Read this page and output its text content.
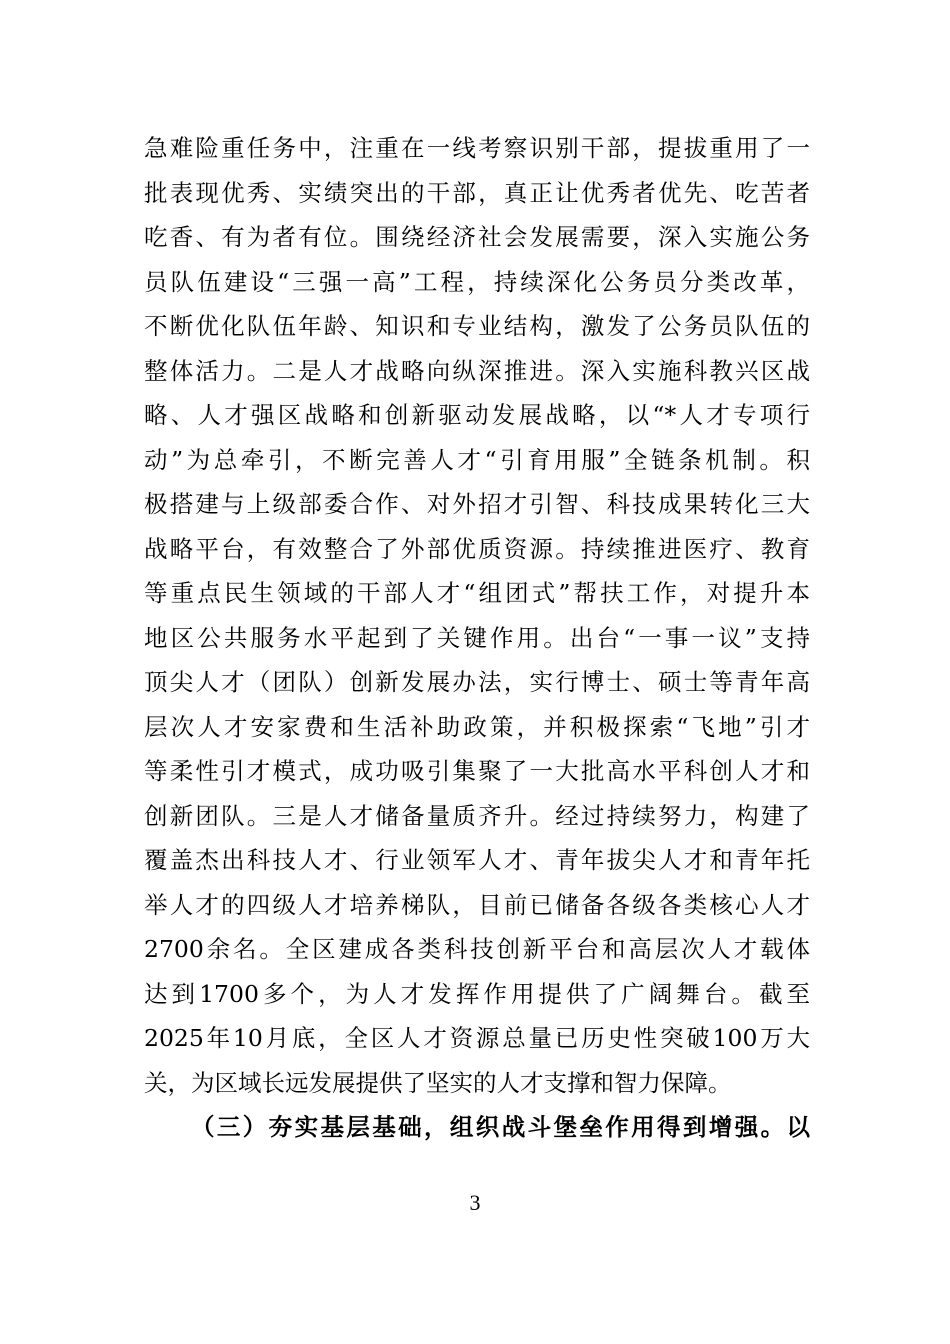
急难险重任务中，注重在一线考察识别干部，提拔重用了一
批表现优秀、实绩突出的干部，真正让优秀者优先、吃苦者
吃香、有为者有位。围绕经济社会发展需要，深入实施公务
员队伍建设“三强一高”工程，持续深化公务员分类改革，
不断优化队伍年龄、知识和专业结构，激发了公务员队伍的
整体活力。二是人才战略向纵深推进。深入实施科教兴区战
略、人才强区战略和创新驱动发展战略，以“*人才专项行
动”为总牵引，不断完善人才“引育用服”全链条机制。积
极搭建与上级部委合作、对外招才引智、科技成果转化三大
战略平台，有效整合了外部优质资源。持续推进医疗、教育
等重点民生领域的干部人才“组团式”帮扶工作，对提升本
地区公共服务水平起到了关键作用。出台“一事一议”支持
顶尖人才（团队）创新发展办法，实行博士、硕士等青年高
层次人才安家费和生活补助政策，并积极探索“飞地”引才
等柔性引才模式，成功吸引集聚了一大批高水平科创人才和
创新团队。三是人才储备量质齐升。经过持续努力，构建了
覆盖杰出科技人才、行业领军人才、青年拔尖人才和青年托
举人才的四级人才培养梯队，目前已储备各级各类核心人才
2700余名。全区建成各类科技创新平台和高层次人才载体
达到1700多个，为人才发挥作用提供了广阔舞台。截至
2025年10月底，全区人才资源总量已历史性突破100万大
关，为区域长远发展提供了坚实的人才支撑和智力保障。
（三）夯实基层基础，组织战斗堡垒作用得到增强。以
3
